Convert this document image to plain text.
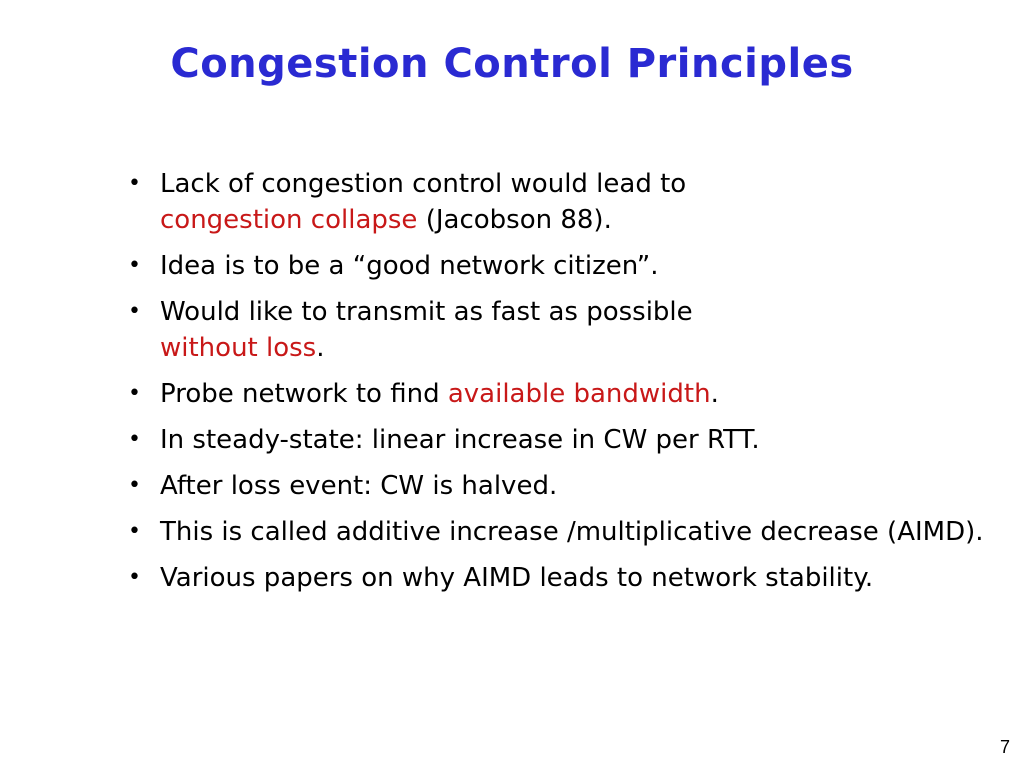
Congestion Control Principles
• Lack of congestion control would lead to
congestion collapse (Jacobson 88).
• Idea is to be a “good network citizen”.
• Would like to transmit as fast as possible
without loss.
• Probe network to find available bandwidth.
• In steady-state: linear increase in CW per RTT.
• After loss event: CW is halved.
• This is called additive increase /multiplicative decrease (AIMD).
• Various papers on why AIMD leads to network stability.
7
